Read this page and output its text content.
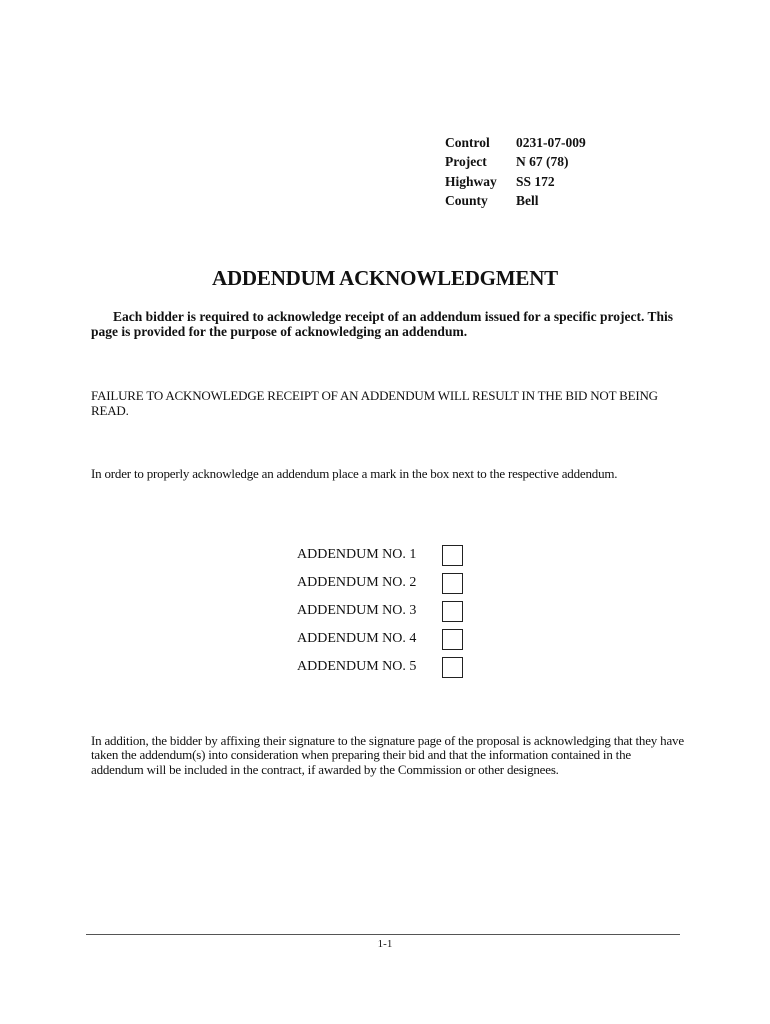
Control	0231-07-009
Project	N 67 (78)
Highway	SS 172
County	Bell
ADDENDUM ACKNOWLEDGMENT
Each bidder is required to acknowledge receipt of an addendum issued for a specific project. This page is provided for the purpose of acknowledging an addendum.
FAILURE TO ACKNOWLEDGE RECEIPT OF AN ADDENDUM WILL RESULT IN THE BID NOT BEING READ.
In order to properly acknowledge an addendum place a mark in the box next to the respective addendum.
ADDENDUM NO. 1
ADDENDUM NO. 2
ADDENDUM NO. 3
ADDENDUM NO. 4
ADDENDUM NO. 5
In addition, the bidder by affixing their signature to the signature page of the proposal is acknowledging that they have taken the addendum(s) into consideration when preparing their bid and that the information contained in the addendum will be included in the contract, if awarded by the Commission or other designees.
1-1
